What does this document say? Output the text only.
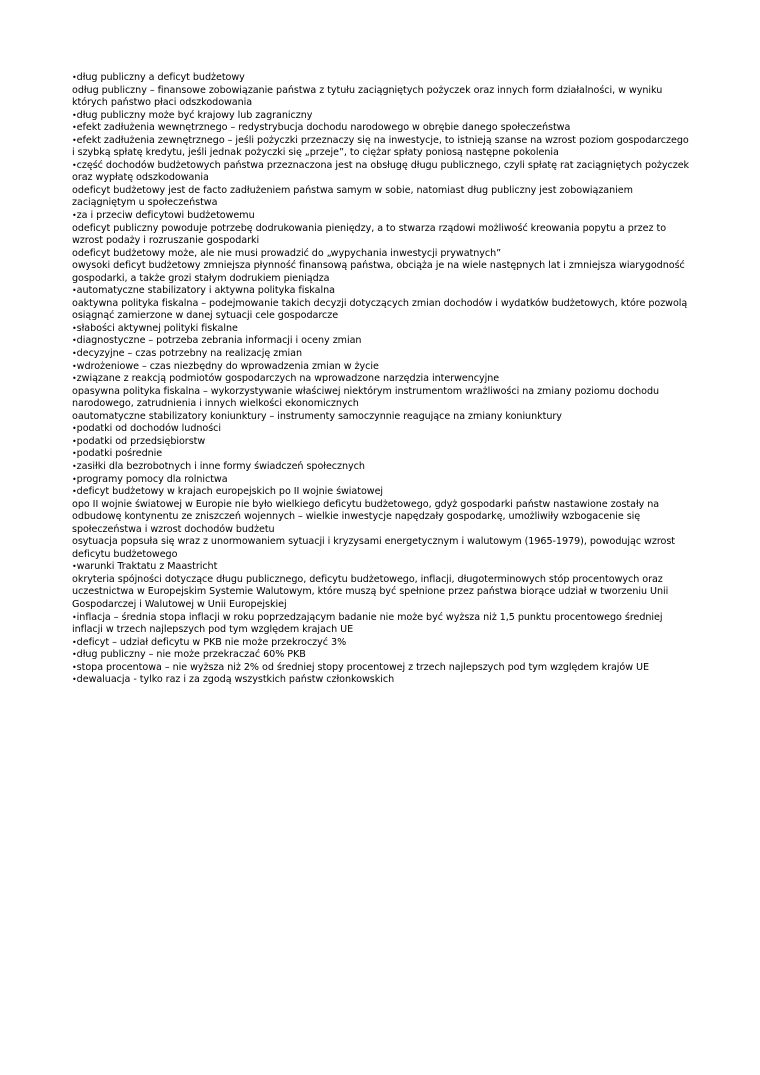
•dług publiczny a deficyt budżetowy
odług publiczny – finansowe zobowiązanie państwa z tytułu zaciągniętych pożyczek oraz innych form działalności, w wyniku których państwo płaci odszkodowania
•dług publiczny może być krajowy lub zagraniczny
•efekt zadłużenia wewnętrznego – redystrybucja dochodu narodowego w obrębie danego społeczeństwa
•efekt zadłużenia zewnętrznego – jeśli pożyczki przeznaczy się na inwestycje, to istnieją szanse na wzrost poziom gospodarczego i szybką spłatę kredytu, jeśli jednak pożyczki się „przeje”, to ciężar spłaty poniosą następne pokolenia
•część dochodów budżetowych państwa przeznaczona jest na obsługę długu publicznego, czyli spłatę rat zaciągniętych pożyczek oraz wypłatę odszkodowania
odeficyt budżetowy jest de facto zadłużeniem państwa samym w sobie, natomiast dług publiczny jest zobowiązaniem zaciągniętym u społeczeństwa
•za i przeciw deficytowi budżetowemu
odeficyt publiczny powoduje potrzebę dodrukowania pieniędzy, a to stwarza rządowi możliwość kreowania popytu a przez to wzrost podaży i rozruszanie gospodarki
odeficyt budżetowy może, ale nie musi prowadzić do „wypychania inwestycji prywatnych”
owysoki deficyt budżetowy zmniejsza płynność finansową państwa, obciąża je na wiele następnych lat i zmniejsza wiarygodność gospodarki, a także grozi stałym dodrukiem pieniądza
•automatyczne stabilizatory i aktywna polityka fiskalna
oaktywna polityka fiskalna – podejmowanie takich decyzji dotyczących zmian dochodów i wydatków budżetowych, które pozwolą osiągnąć zamierzone w danej sytuacji cele gospodarcze
•słabości aktywnej polityki fiskalne
•diagnostyczne – potrzeba zebrania informacji i oceny zmian
•decyzyjne – czas potrzebny na realizację zmian
•wdrożeniowe – czas niezbędny do wprowadzenia zmian w życie
•związane z reakcją podmiotów gospodarczych na wprowadzone narzędzia interwencyjne
opasywna polityka fiskalna – wykorzystywanie właściwej niektórym instrumentom wrażliwości na zmiany poziomu dochodu narodowego, zatrudnienia i innych wielkości ekonomicznych
oautomatyczne stabilizatory koniunktury – instrumenty samoczynnie reagujące na zmiany koniunktury
•podatki od dochodów ludności
•podatki od przedsiębiorstw
•podatki pośrednie
•zasiłki dla bezrobotnych i inne formy świadczeń społecznych
•programy pomocy dla rolnictwa
•deficyt budżetowy w krajach europejskich po II wojnie światowej
opo II wojnie światowej w Europie nie było wielkiego deficytu budżetowego, gdyż gospodarki państw nastawione zostały na odbudowę kontynentu ze zniszczeń wojennych – wielkie inwestycje napędzały gospodarkę, umożliwiły wzbogacenie się społeczeństwa i wzrost dochodów budżetu
osytuacja popsuła się wraz z unormowaniem sytuacji i kryzysami energetycznym i walutowym (1965-1979), powodując wzrost deficytu budżetowego
•warunki Traktatu z Maastricht
okryteria spójności dotyczące długu publicznego, deficytu budżetowego, inflacji, długoterminowych stóp procentowych oraz uczestnictwa w Europejskim Systemie Walutowym, które muszą być spełnione przez państwa biorące udział w tworzeniu Unii Gospodarczej i Walutowej w Unii Europejskiej
•inflacja – średnia stopa inflacji w roku poprzedzającym badanie nie może być wyższa niż 1,5 punktu procentowego średniej inflacji w trzech najlepszych pod tym względem krajach UE
•deficyt – udział deficytu w PKB nie może przekroczyć 3%
•dług publiczny – nie może przekraczać 60% PKB
•stopa procentowa – nie wyższa niż 2% od średniej stopy procentowej z trzech najlepszych pod tym względem krajów UE
•dewaluacja - tylko raz i za zgodą wszystkich państw członkowskich
